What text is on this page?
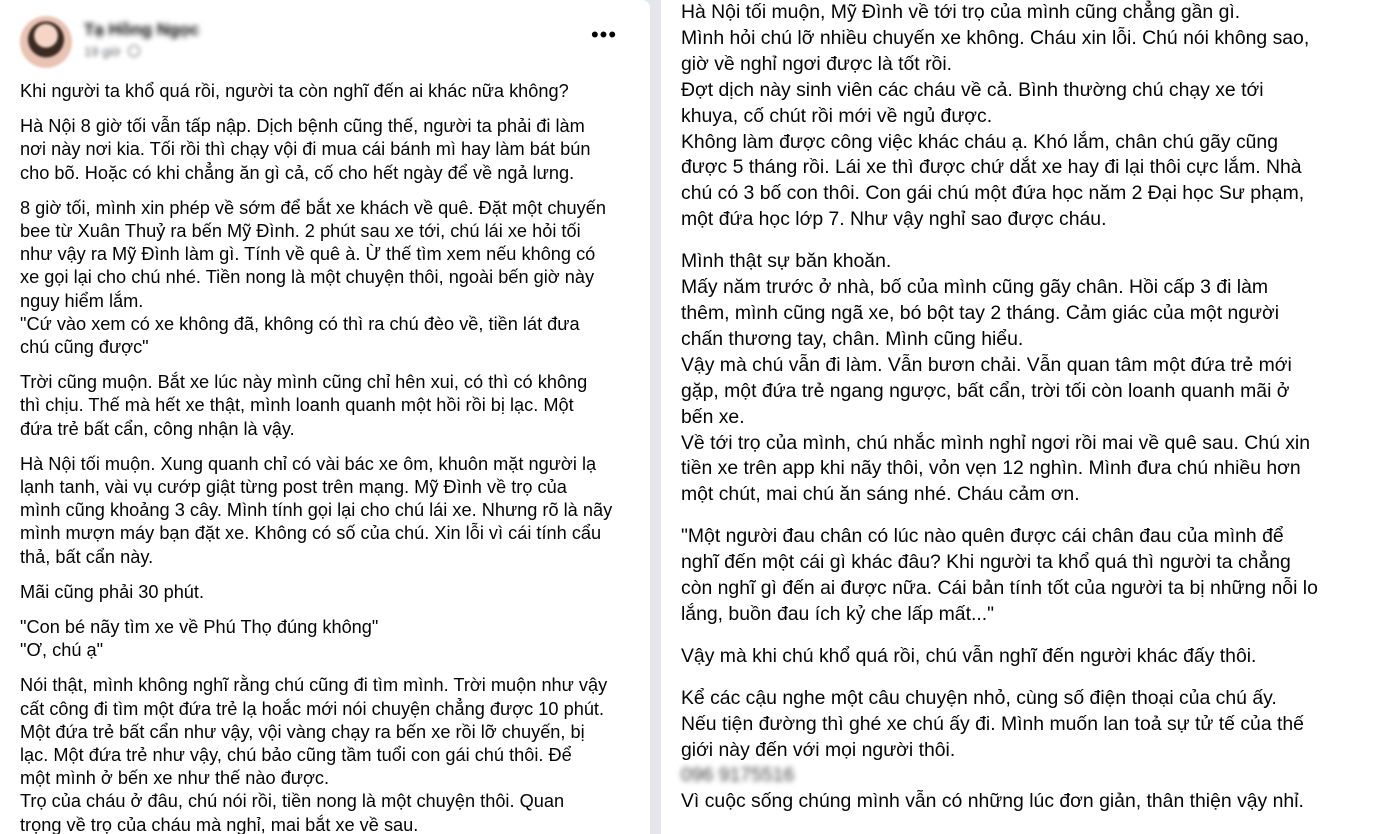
Tạ Hồng Ngọc
19 giờ
•••

Khi người ta khổ quá rồi, người ta còn nghĩ đến ai khác nữa không?

Hà Nội 8 giờ tối vẫn tấp nập. Dịch bệnh cũng thế, người ta phải đi làm
nơi này nơi kia. Tối rồi thì chạy vội đi mua cái bánh mì hay làm bát bún
cho bõ. Hoặc có khi chẳng ăn gì cả, cố cho hết ngày để về ngả lưng.

8 giờ tối, mình xin phép về sớm để bắt xe khách về quê. Đặt một chuyến
bee từ Xuân Thuỷ ra bến Mỹ Đình. 2 phút sau xe tới, chú lái xe hỏi tối
như vậy ra Mỹ Đình làm gì. Tính về quê à. Ừ thế tìm xem nếu không có
xe gọi lại cho chú nhé. Tiền nong là một chuyện thôi, ngoài bến giờ này
nguy hiểm lắm.
"Cứ vào xem có xe không đã, không có thì ra chú đèo về, tiền lát đưa
chú cũng được"

Trời cũng muộn. Bắt xe lúc này mình cũng chỉ hên xui, có thì có không
thì chịu. Thế mà hết xe thật, mình loanh quanh một hồi rồi bị lạc. Một
đứa trẻ bất cẩn, công nhận là vậy.

Hà Nội tối muộn. Xung quanh chỉ có vài bác xe ôm, khuôn mặt người lạ
lạnh tanh, vài vụ cướp giật từng post trên mạng. Mỹ Đình về trọ của
mình cũng khoảng 3 cây. Mình tính gọi lại cho chú lái xe. Nhưng rõ là nãy
mình mượn máy bạn đặt xe. Không có số của chú. Xin lỗi vì cái tính cẩu
thả, bất cẩn này.

Mãi cũng phải 30 phút.

"Con bé nãy tìm xe về Phú Thọ đúng không"
"Ơ, chú ạ"

Nói thật, mình không nghĩ rằng chú cũng đi tìm mình. Trời muộn như vậy
cất công đi tìm một đứa trẻ lạ hoắc mới nói chuyện chẳng được 10 phút.
Một đứa trẻ bất cẩn như vậy, vội vàng chạy ra bến xe rồi lỡ chuyến, bị
lạc. Một đứa trẻ như vậy, chú bảo cũng tầm tuổi con gái chú thôi. Để
một mình ở bến xe như thế nào được.
Trọ của cháu ở đâu, chú nói rồi, tiền nong là một chuyện thôi. Quan
trọng về trọ của cháu mà nghỉ, mai bắt xe về sau.

Hà Nội tối muộn, Mỹ Đình về tới trọ của mình cũng chẳng gần gì.
Mình hỏi chú lỡ nhiều chuyến xe không. Cháu xin lỗi. Chú nói không sao,
giờ về nghỉ ngơi được là tốt rồi.
Đợt dịch này sinh viên các cháu về cả. Bình thường chú chạy xe tới
khuya, cố chút rồi mới về ngủ được.
Không làm được công việc khác cháu ạ. Khó lắm, chân chú gãy cũng
được 5 tháng rồi. Lái xe thì được chứ dắt xe hay đi lại thôi cực lắm. Nhà
chú có 3 bố con thôi. Con gái chú một đứa học năm 2 Đại học Sư phạm,
một đứa học lớp 7. Như vậy nghỉ sao được cháu.

Mình thật sự băn khoăn.
Mấy năm trước ở nhà, bố của mình cũng gãy chân. Hồi cấp 3 đi làm
thêm, mình cũng ngã xe, bó bột tay 2 tháng. Cảm giác của một người
chấn thương tay, chân. Mình cũng hiểu.
Vậy mà chú vẫn đi làm. Vẫn bươn chải. Vẫn quan tâm một đứa trẻ mới
gặp, một đứa trẻ ngang ngược, bất cẩn, trời tối còn loanh quanh mãi ở
bến xe.
Về tới trọ của mình, chú nhắc mình nghỉ ngơi rồi mai về quê sau. Chú xin
tiền xe trên app khi nãy thôi, vỏn vẹn 12 nghìn. Mình đưa chú nhiều hơn
một chút, mai chú ăn sáng nhé. Cháu cảm ơn.

"Một người đau chân có lúc nào quên được cái chân đau của mình để
nghĩ đến một cái gì khác đâu? Khi người ta khổ quá thì người ta chẳng
còn nghĩ gì đến ai được nữa. Cái bản tính tốt của người ta bị những nỗi lo
lắng, buồn đau ích kỷ che lấp mất..."

Vậy mà khi chú khổ quá rồi, chú vẫn nghĩ đến người khác đấy thôi.

Kể các cậu nghe một câu chuyện nhỏ, cùng số điện thoại của chú ấy.
Nếu tiện đường thì ghé xe chú ấy đi. Mình muốn lan toả sự tử tế của thế
giới này đến với mọi người thôi.

096 9175516

Vì cuộc sống chúng mình vẫn có những lúc đơn giản, thân thiện vậy nhỉ.
